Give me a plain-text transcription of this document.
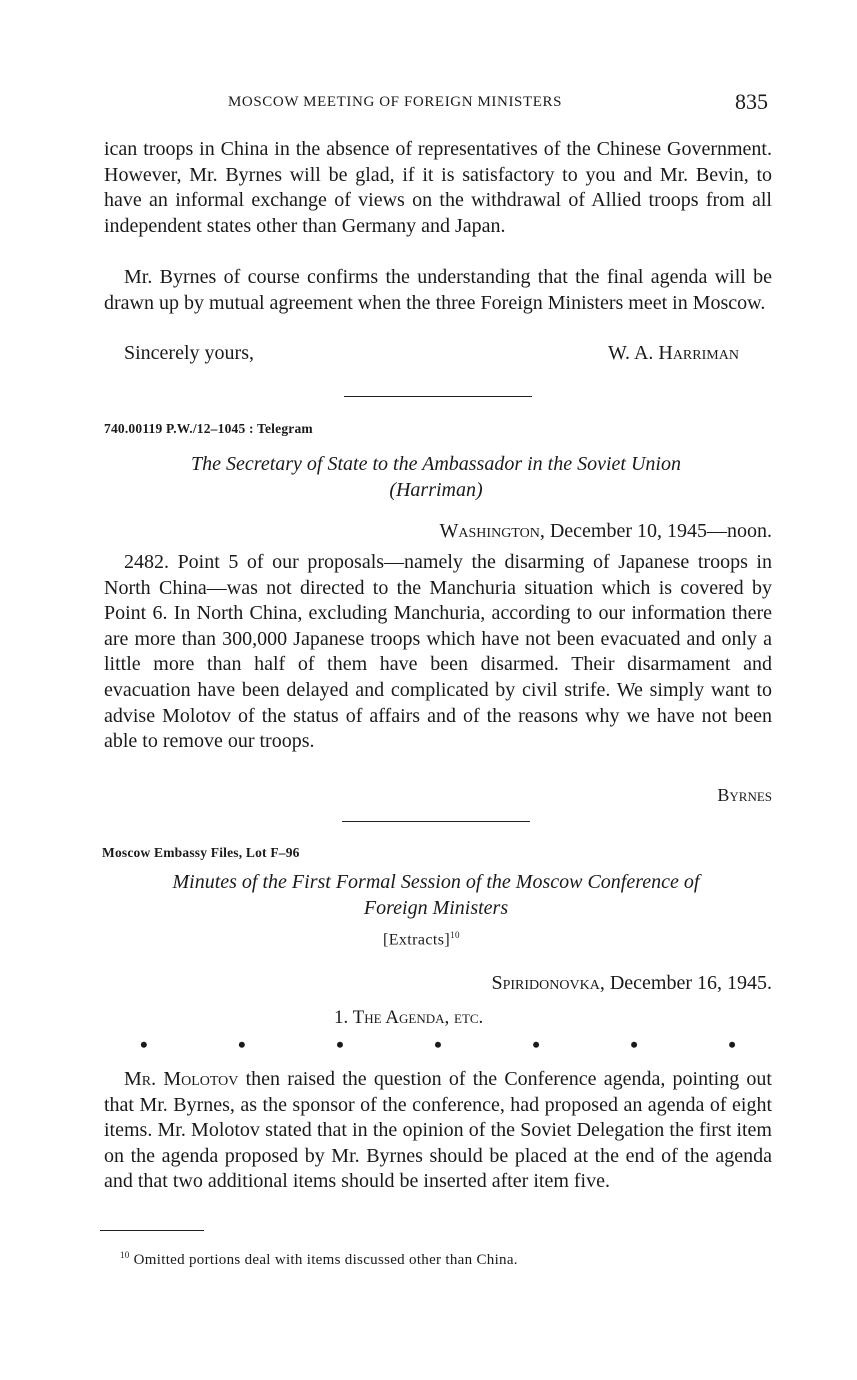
MOSCOW MEETING OF FOREIGN MINISTERS	835

ican troops in China in the absence of representatives of the Chinese Government. However, Mr. Byrnes will be glad, if it is satisfactory to you and Mr. Bevin, to have an informal exchange of views on the withdrawal of Allied troops from all independent states other than Germany and Japan.

Mr. Byrnes of course confirms the understanding that the final agenda will be drawn up by mutual agreement when the three Foreign Ministers meet in Moscow.

Sincerely yours,	W. A. Harriman
740.00119 P.W./12–1045 : Telegram
The Secretary of State to the Ambassador in the Soviet Union
(Harriman)
Washington, December 10, 1945—noon.

2482. Point 5 of our proposals—namely the disarming of Japanese troops in North China—was not directed to the Manchuria situation which is covered by Point 6. In North China, excluding Manchuria, according to our information there are more than 300,000 Japanese troops which have not been evacuated and only a little more than half of them have been disarmed. Their disarmament and evacuation have been delayed and complicated by civil strife. We simply want to advise Molotov of the status of affairs and of the reasons why we have not been able to remove our troops.

Byrnes
Moscow Embassy Files, Lot F–96
Minutes of the First Formal Session of the Moscow Conference of
Foreign Ministers
[Extracts]$^{10}$
Spiridonovka, December 16, 1945.
1. The Agenda, etc.
•	•	•	•	•	•	•

Mr. Molotov then raised the question of the Conference agenda, pointing out that Mr. Byrnes, as the sponsor of the conference, had proposed an agenda of eight items. Mr. Molotov stated that in the opinion of the Soviet Delegation the first item on the agenda proposed by Mr. Byrnes should be placed at the end of the agenda and that two additional items should be inserted after item five.

$^{10}$ Omitted portions deal with items discussed other than China.
